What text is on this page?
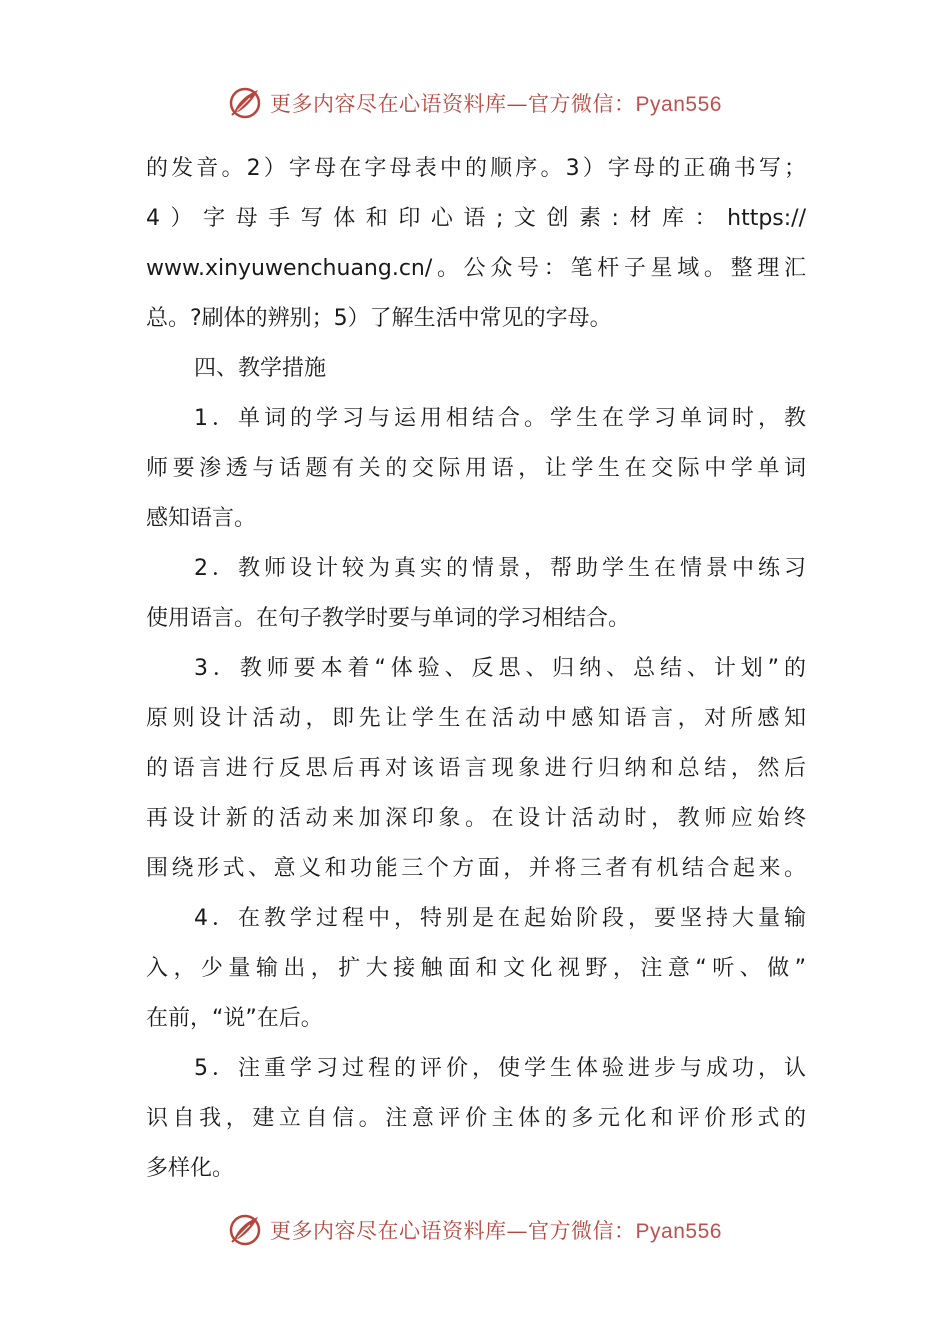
更多内容尽在心语资料库—官方微信：Pyan556
的发音。2）字母在字母表中的顺序。3）字母的正确书写；
4）字母手写体和印心语;文创素:材库：https://
www.xinyuwenchuang.cn/。公众号：笔杆子星域。整理汇
总。?刷体的辨别；5）了解生活中常见的字母。
四、教学措施
1．单词的学习与运用相结合。学生在学习单词时，教
师要渗透与话题有关的交际用语，让学生在交际中学单词
感知语言。
2．教师设计较为真实的情景，帮助学生在情景中练习
使用语言。在句子教学时要与单词的学习相结合。
3．教师要本着“体验、反思、归纳、总结、计划”的
原则设计活动，即先让学生在活动中感知语言，对所感知
的语言进行反思后再对该语言现象进行归纳和总结，然后
再设计新的活动来加深印象。在设计活动时，教师应始终
围绕形式、意义和功能三个方面，并将三者有机结合起来。
4．在教学过程中，特别是在起始阶段，要坚持大量输
入，少量输出，扩大接触面和文化视野，注意“听、做”
在前，“说”在后。
5．注重学习过程的评价，使学生体验进步与成功，认
识自我，建立自信。注意评价主体的多元化和评价形式的
多样化。
更多内容尽在心语资料库—官方微信：Pyan556
